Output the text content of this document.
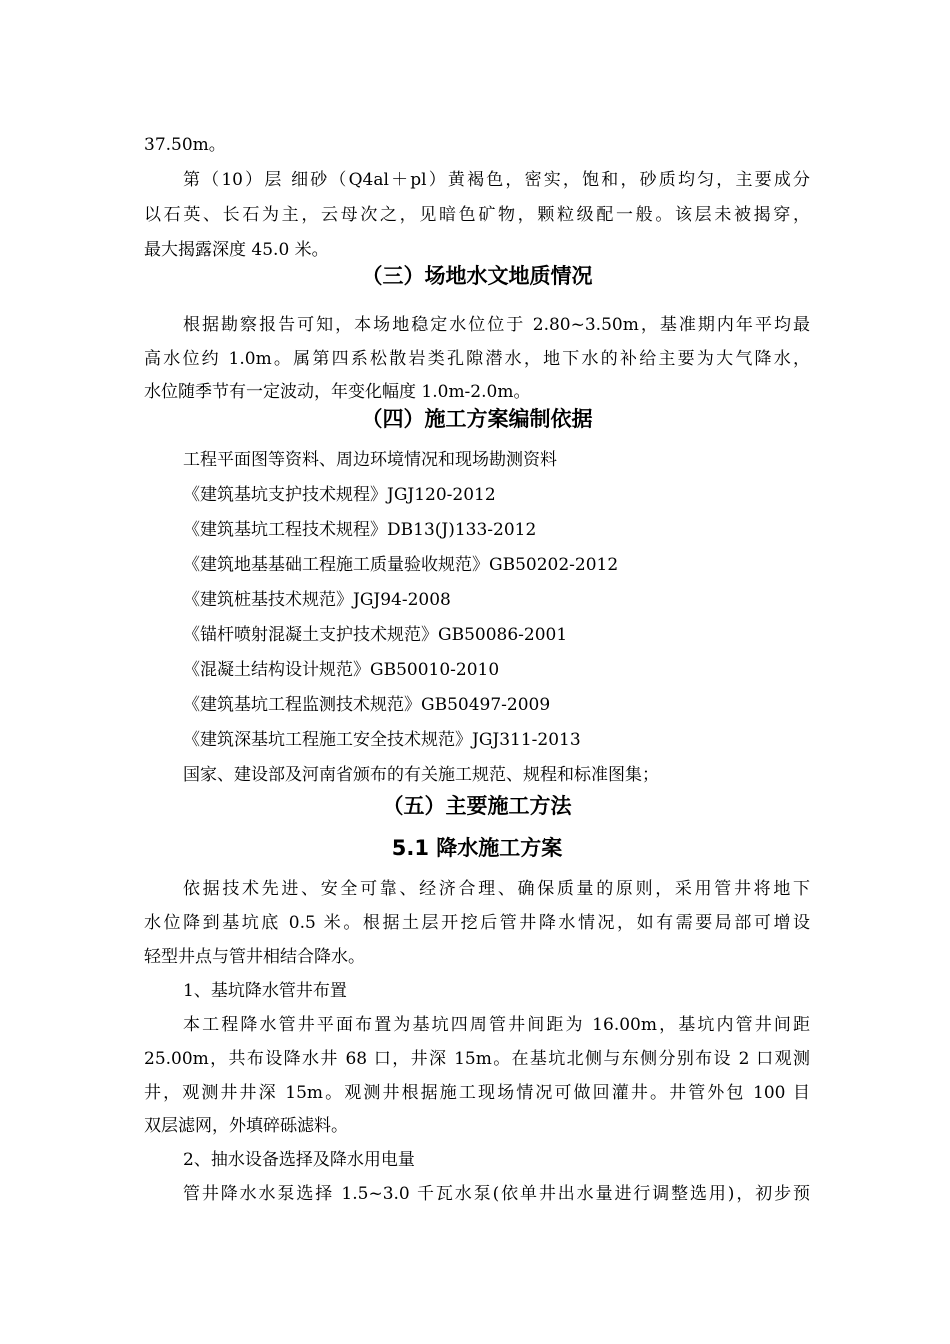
37.50m。
第（10）层 细砂（Q4al＋pl）黄褐色，密实，饱和，砂质均匀，主要成分
以石英、长石为主，云母次之，见暗色矿物，颗粒级配一般。该层未被揭穿，
最大揭露深度 45.0 米。
（三）场地水文地质情况
根据勘察报告可知，本场地稳定水位位于 2.80~3.50m，基准期内年平均最
高水位约 1.0m。属第四系松散岩类孔隙潜水，地下水的补给主要为大气降水，
水位随季节有一定波动，年变化幅度 1.0m-2.0m。
（四）施工方案编制依据
工程平面图等资料、周边环境情况和现场勘测资料
《建筑基坑支护技术规程》JGJ120-2012
《建筑基坑工程技术规程》DB13(J)133-2012
《建筑地基基础工程施工质量验收规范》GB50202-2012
《建筑桩基技术规范》JGJ94-2008
《锚杆喷射混凝土支护技术规范》GB50086-2001
《混凝土结构设计规范》GB50010-2010
《建筑基坑工程监测技术规范》GB50497-2009
《建筑深基坑工程施工安全技术规范》JGJ311-2013
国家、建设部及河南省颁布的有关施工规范、规程和标准图集；
（五）主要施工方法
5.1 降水施工方案
依据技术先进、安全可靠、经济合理、确保质量的原则，采用管井将地下
水位降到基坑底 0.5 米。根据土层开挖后管井降水情况，如有需要局部可增设
轻型井点与管井相结合降水。
1、基坑降水管井布置
本工程降水管井平面布置为基坑四周管井间距为 16.00m，基坑内管井间距
25.00m，共布设降水井 68 口，井深 15m。在基坑北侧与东侧分别布设 2 口观测
井，观测井井深 15m。观测井根据施工现场情况可做回灌井。井管外包 100 目
双层滤网，外填碎砾滤料。
2、抽水设备选择及降水用电量
管井降水水泵选择 1.5~3.0 千瓦水泵(依单井出水量进行调整选用)，初步预
